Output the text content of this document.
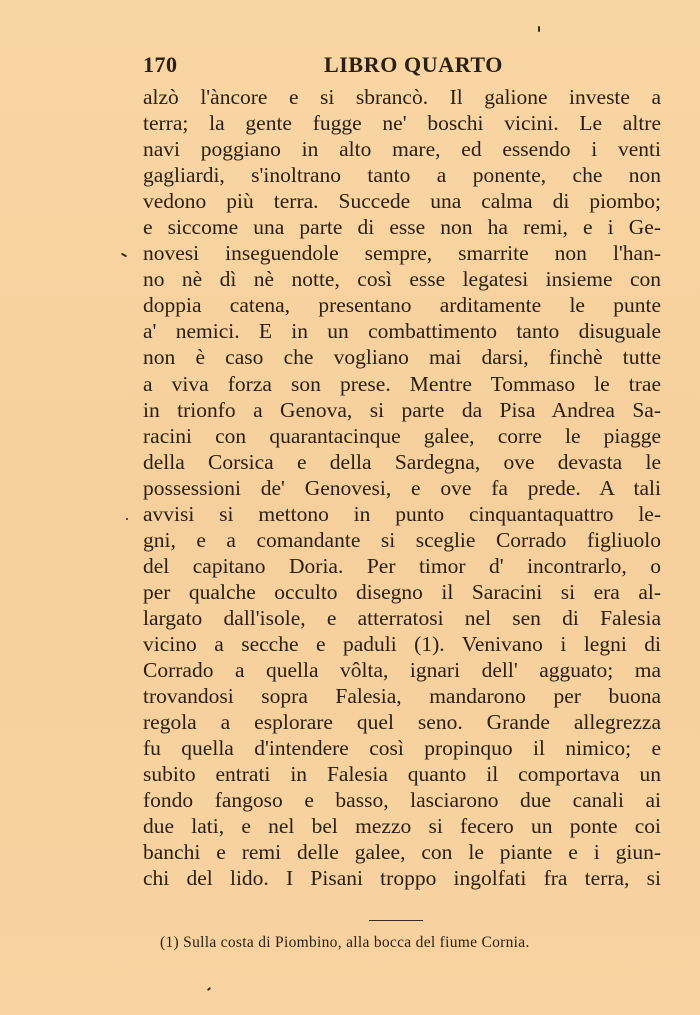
170	LIBRO QUARTO
alzò l'àncore e si sbrancò. Il galione investe a
terra; la gente fugge ne' boschi vicini. Le altre
navi poggiano in alto mare, ed essendo i venti
gagliardi, s'inoltrano tanto a ponente, che non
vedono più terra. Succede una calma di piombo;
e siccome una parte di esse non ha remi, e i Ge-
novesi inseguendole sempre, smarrite non l'han-
no nè dì nè notte, così esse legatesi insieme con
doppia catena, presentano arditamente le punte
a' nemici. E in un combattimento tanto disuguale
non è caso che vogliano mai darsi, finchè tutte
a viva forza son prese. Mentre Tommaso le trae
in trionfo a Genova, si parte da Pisa Andrea Sa-
racini con quarantacinque galee, corre le piagge
della Corsica e della Sardegna, ove devasta le
possessioni de' Genovesi, e ove fa prede. A tali
avvisi si mettono in punto cinquantaquattro le-
gni, e a comandante si sceglie Corrado figliuolo
del capitano Doria. Per timor d' incontrarlo, o
per qualche occulto disegno il Saracini si era al-
largato dall'isole, e atterratosi nel sen di Falesia
vicino a secche e paduli (1). Venivano i legni di
Corrado a quella vôlta, ignari dell' agguato; ma
trovandosi sopra Falesia, mandarono per buona
regola a esplorare quel seno. Grande allegrezza
fu quella d'intendere così propinquo il nimico; e
subito entrati in Falesia quanto il comportava un
fondo fangoso e basso, lasciarono due canali ai
due lati, e nel bel mezzo si fecero un ponte coi
banchi e remi delle galee, con le piante e i giun-
chi del lido. I Pisani troppo ingolfati fra terra, si
(1) Sulla costa di Piombino, alla bocca del fiume Cornia.
